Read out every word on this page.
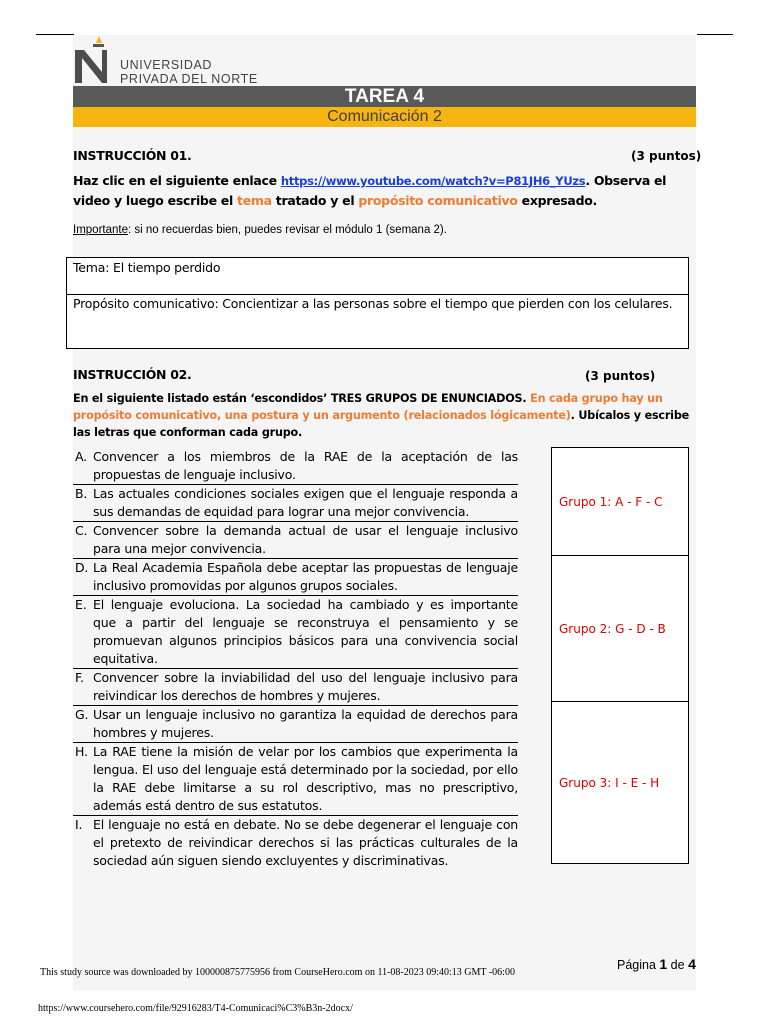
UNIVERSIDAD
PRIVADA DEL NORTE
TAREA 4
Comunicación 2
INSTRUCCIÓN 01.	(3 puntos)
Haz clic en el siguiente enlace https://www.youtube.com/watch?v=P81JH6_YUzs. Observa el video y luego escribe el tema tratado y el propósito comunicativo expresado.
Importante: si no recuerdas bien, puedes revisar el módulo 1 (semana 2).
Tema: El tiempo perdido
Propósito comunicativo: Concientizar a las personas sobre el tiempo que pierden con los celulares.
INSTRUCCIÓN 02.	(3 puntos)
En el siguiente listado están ‘escondidos’ TRES GRUPOS DE ENUNCIADOS. En cada grupo hay un propósito comunicativo, una postura y un argumento (relacionados lógicamente). Ubícalos y escribe las letras que conforman cada grupo.
A. Convencer a los miembros de la RAE de la aceptación de las propuestas de lenguaje inclusivo.
B. Las actuales condiciones sociales exigen que el lenguaje responda a sus demandas de equidad para lograr una mejor convivencia.
C. Convencer sobre la demanda actual de usar el lenguaje inclusivo para una mejor convivencia.
D. La Real Academia Española debe aceptar las propuestas de lenguaje inclusivo promovidas por algunos grupos sociales.
E. El lenguaje evoluciona. La sociedad ha cambiado y es importante que a partir del lenguaje se reconstruya el pensamiento y se promuevan algunos principios básicos para una convivencia social equitativa.
F. Convencer sobre la inviabilidad del uso del lenguaje inclusivo para reivindicar los derechos de hombres y mujeres.
G. Usar un lenguaje inclusivo no garantiza la equidad de derechos para hombres y mujeres.
H. La RAE tiene la misión de velar por los cambios que experimenta la lengua. El uso del lenguaje está determinado por la sociedad, por ello la RAE debe limitarse a su rol descriptivo, mas no prescriptivo, además está dentro de sus estatutos.
I. El lenguaje no está en debate. No se debe degenerar el lenguaje con el pretexto de reivindicar derechos si las prácticas culturales de la sociedad aún siguen siendo excluyentes y discriminativas.
Grupo 1: A - F - C
Grupo 2: G - D - B
Grupo 3: I - E - H
Página 1 de 4
This study source was downloaded by 100000875775956 from CourseHero.com on 11-08-2023 09:40:13 GMT -06:00
https://www.coursehero.com/file/92916283/T4-Comunicaci%C3%B3n-2docx/
